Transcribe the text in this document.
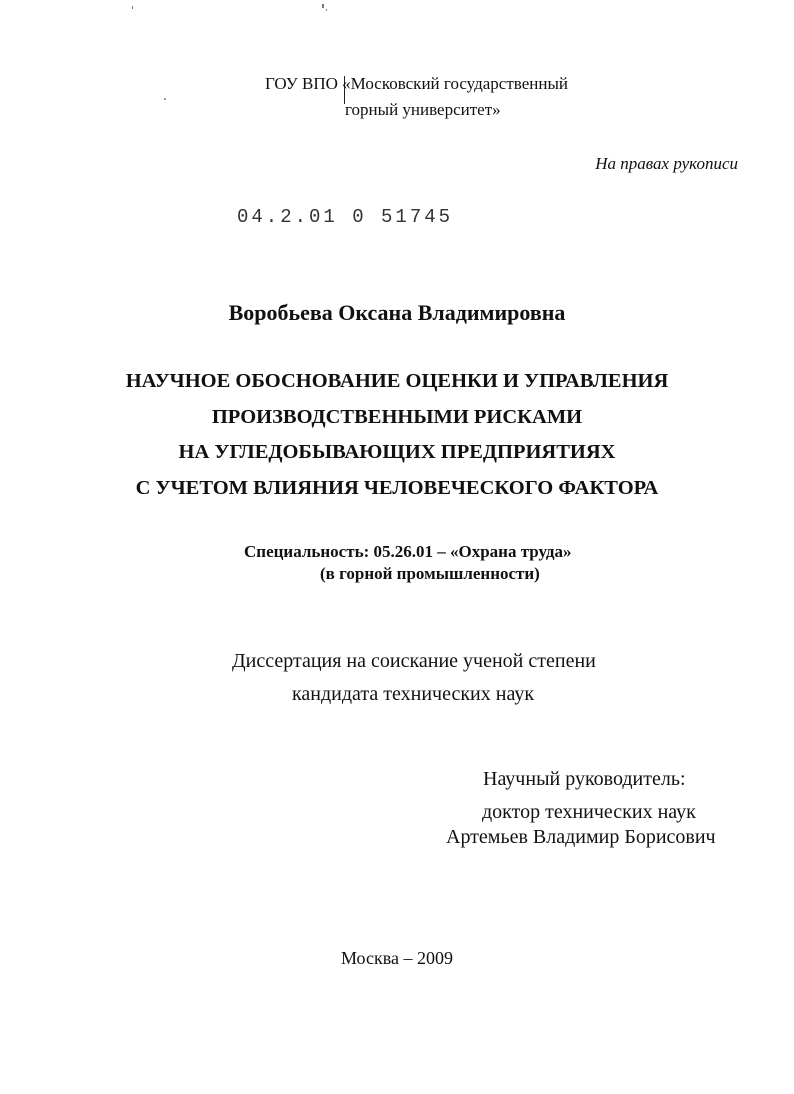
ГОУ ВПО «Московский государственный

горный университет»

На правах рукописи

04.2.01 0 51745

Воробьева Оксана Владимировна

НАУЧНОЕ ОБОСНОВАНИЕ ОЦЕНКИ И УПРАВЛЕНИЯ
ПРОИЗВОДСТВЕННЫМИ РИСКАМИ
НА УГЛЕДОБЫВАЮЩИХ ПРЕДПРИЯТИЯХ
С УЧЕТОМ ВЛИЯНИЯ ЧЕЛОВЕЧЕСКОГО ФАКТОРА

Специальность: 05.26.01 – «Охрана труда»

(в горной промышленности)

Диссертация на соискание ученой степени

кандидата технических наук

Научный руководитель:

доктор технических наук

Артемьев Владимир Борисович

Москва – 2009
